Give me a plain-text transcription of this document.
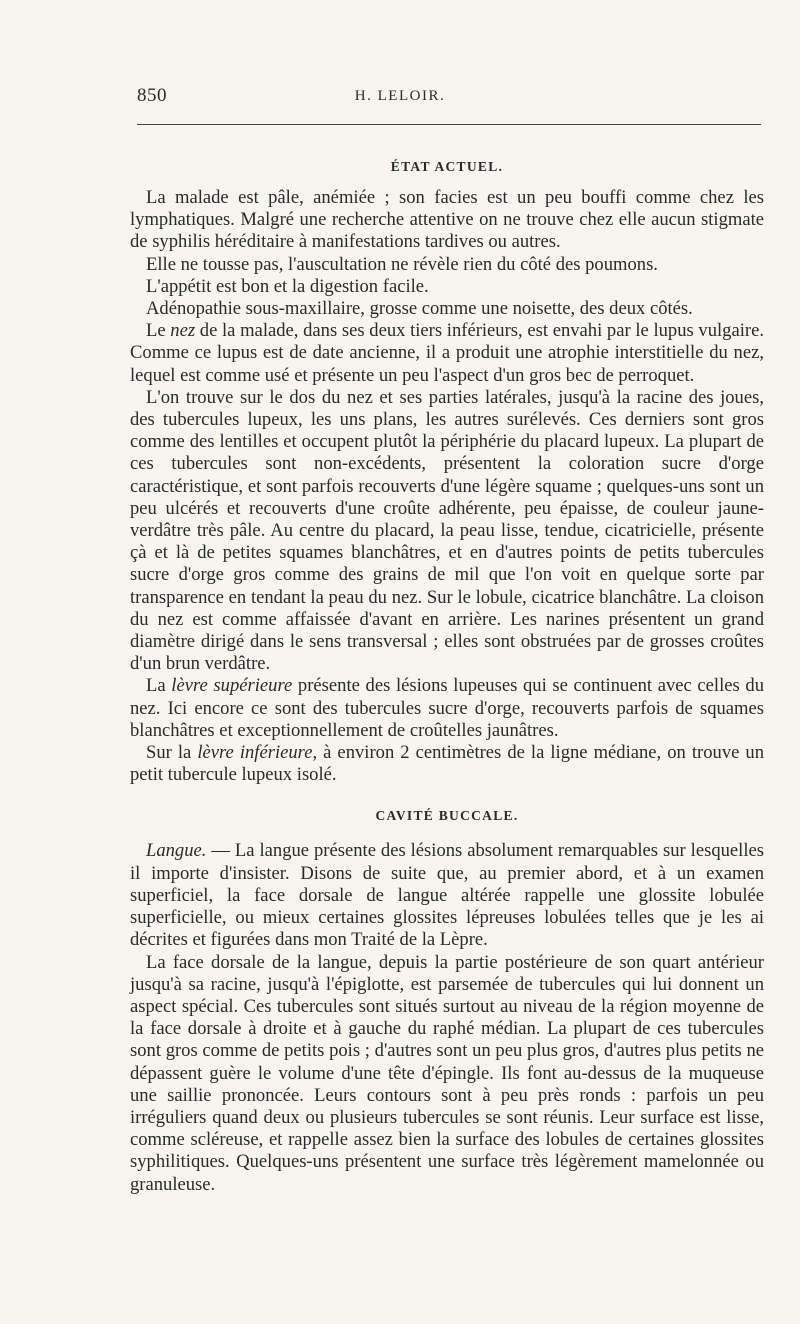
850	H. LELOIR.
ÉTAT ACTUEL.

La malade est pâle, anémiée ; son facies est un peu bouffi comme chez les lymphatiques. Malgré une recherche attentive on ne trouve chez elle aucun stigmate de syphilis héréditaire à manifestations tardives ou autres.

Elle ne tousse pas, l'auscultation ne révèle rien du côté des poumons.

L'appétit est bon et la digestion facile.

Adénopathie sous-maxillaire, grosse comme une noisette, des deux côtés.

Le nez de la malade, dans ses deux tiers inférieurs, est envahi par le lupus vulgaire. Comme ce lupus est de date ancienne, il a produit une atrophie interstitielle du nez, lequel est comme usé et présente un peu l'aspect d'un gros bec de perroquet.

L'on trouve sur le dos du nez et ses parties latérales, jusqu'à la racine des joues, des tubercules lupeux, les uns plans, les autres surélevés. Ces derniers sont gros comme des lentilles et occupent plutôt la périphérie du placard lupeux. La plupart de ces tubercules sont non-excédents, présentent la coloration sucre d'orge caractéristique, et sont parfois recouverts d'une légère squame ; quelques-uns sont un peu ulcérés et recouverts d'une croûte adhérente, peu épaisse, de couleur jaune-verdâtre très pâle. Au centre du placard, la peau lisse, tendue, cicatricielle, présente çà et là de petites squames blanchâtres, et en d'autres points de petits tubercules sucre d'orge gros comme des grains de mil que l'on voit en quelque sorte par transparence en tendant la peau du nez. Sur le lobule, cicatrice blanchâtre. La cloison du nez est comme affaissée d'avant en arrière. Les narines présentent un grand diamètre dirigé dans le sens transversal ; elles sont obstruées par de grosses croûtes d'un brun verdâtre.

La lèvre supérieure présente des lésions lupeuses qui se continuent avec celles du nez. Ici encore ce sont des tubercules sucre d'orge, recouverts parfois de squames blanchâtres et exceptionnellement de croûtelles jaunâtres.

Sur la lèvre inférieure, à environ 2 centimètres de la ligne médiane, on trouve un petit tubercule lupeux isolé.

CAVITÉ BUCCALE.

Langue. — La langue présente des lésions absolument remarquables sur lesquelles il importe d'insister. Disons de suite que, au premier abord, et à un examen superficiel, la face dorsale de langue altérée rappelle une glossite lobulée superficielle, ou mieux certaines glossites lépreuses lobulées telles que je les ai décrites et figurées dans mon Traité de la Lèpre.

La face dorsale de la langue, depuis la partie postérieure de son quart antérieur jusqu'à sa racine, jusqu'à l'épiglotte, est parsemée de tubercules qui lui donnent un aspect spécial. Ces tubercules sont situés surtout au niveau de la région moyenne de la face dorsale à droite et à gauche du raphé médian. La plupart de ces tubercules sont gros comme de petits pois ; d'autres sont un peu plus gros, d'autres plus petits ne dépassent guère le volume d'une tête d'épingle. Ils font au-dessus de la muqueuse une saillie prononcée. Leurs contours sont à peu près ronds : parfois un peu irréguliers quand deux ou plusieurs tubercules se sont réunis. Leur surface est lisse, comme scléreuse, et rappelle assez bien la surface des lobules de certaines glossites syphilitiques. Quelques-uns présentent une surface très légèrement mamelonnée ou granuleuse.
